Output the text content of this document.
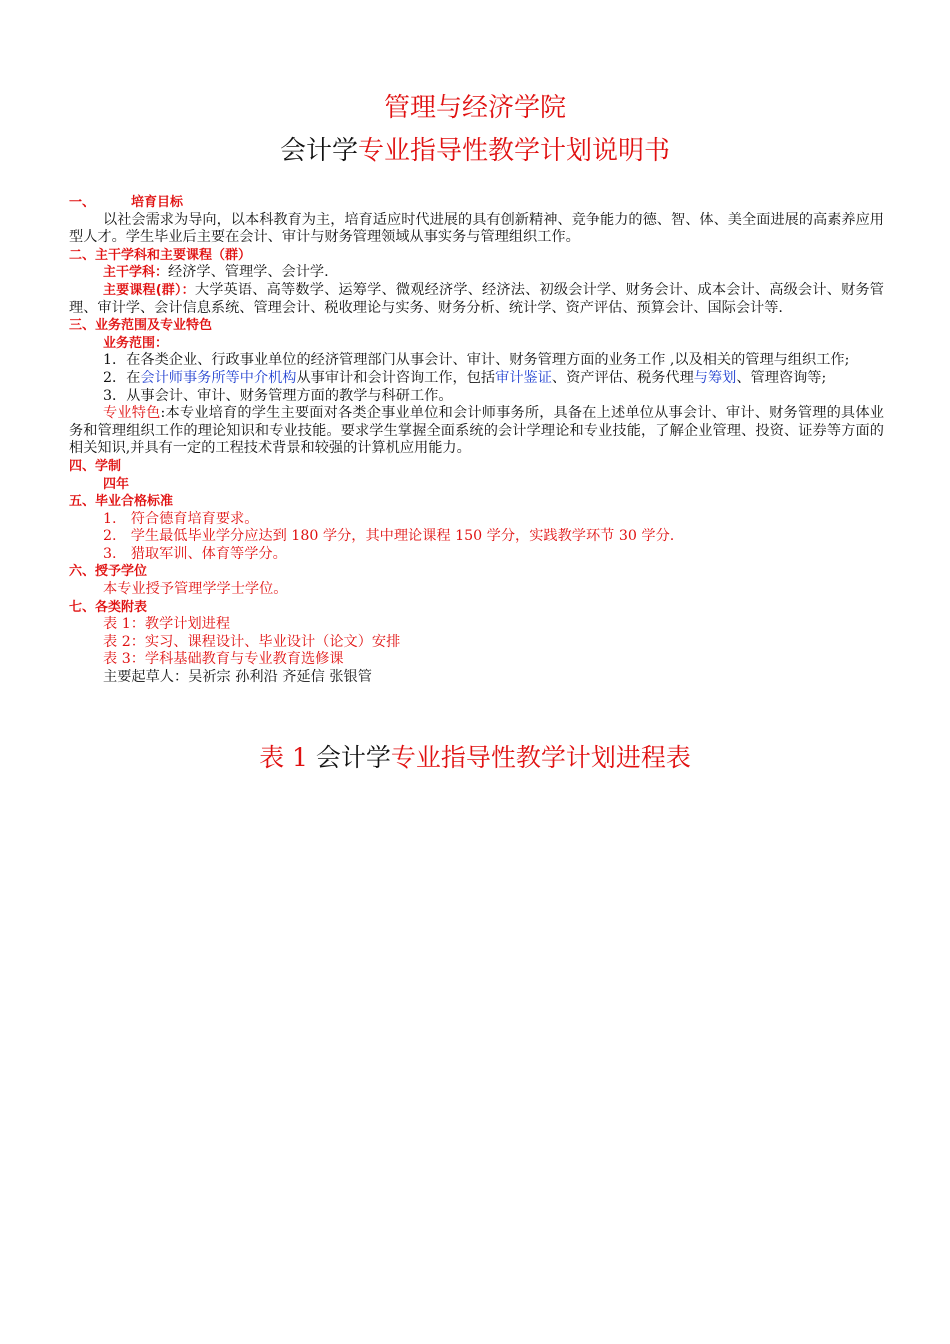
管理与经济学院
会计学专业指导性教学计划说明书

一、	培育目标

以社会需求为导向，以本科教育为主，培育适应时代进展的具有创新精神、竞争能力的德、智、体、美全面进展的高素养应用型人才。学生毕业后主要在会计、审计与财务管理领域从事实务与管理组织工作。

二、主干学科和主要课程（群）

主干学科：经济学、管理学、会计学.

主要课程(群）：大学英语、高等数学、运筹学、微观经济学、经济法、初级会计学、财务会计、成本会计、高级会计、财务管理、审计学、会计信息系统、管理会计、税收理论与实务、财务分析、统计学、资产评估、预算会计、国际会计等.

三、业务范围及专业特色

业务范围：

1．在各类企业、行政事业单位的经济管理部门从事会计、审计、财务管理方面的业务工作 ,以及相关的管理与组织工作;

2．在会计师事务所等中介机构从事审计和会计咨询工作，包括审计鉴证、资产评估、税务代理与筹划、管理咨询等;

3．从事会计、审计、财务管理方面的教学与科研工作。

专业特色:本专业培育的学生主要面对各类企事业单位和会计师事务所，具备在上述单位从事会计、审计、财务管理的具体业务和管理组织工作的理论知识和专业技能。要求学生掌握全面系统的会计学理论和专业技能，了解企业管理、投资、证券等方面的相关知识,并具有一定的工程技术背景和较强的计算机应用能力。

四、学制

四年

五、毕业合格标准

1.　符合德育培育要求。

2.　学生最低毕业学分应达到 180 学分，其中理论课程 150 学分，实践教学环节 30 学分.

3.　猎取军训、体育等学分。

六、授予学位

本专业授予管理学学士学位。

七、各类附表

表 1：教学计划进程

表 2：实习、课程设计、毕业设计（论文）安排

表 3：学科基础教育与专业教育选修课

主要起草人：吴祈宗 孙利沿 齐延信 张银管

表 1 会计学专业指导性教学计划进程表
